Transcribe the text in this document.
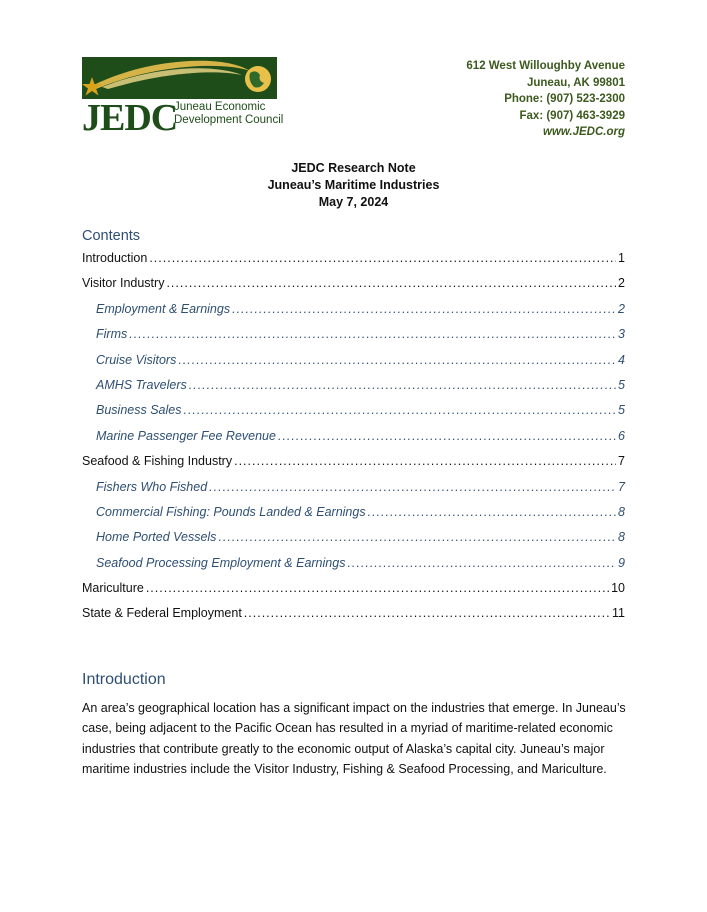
JEDC
Juneau Economic
Development Council
612 West Willoughby Avenue
Juneau, AK 99801
Phone: (907) 523-2300
Fax: (907) 463-3929
www.JEDC.org
JEDC Research Note
Juneau’s Maritime Industries
May 7, 2024
Contents
Introduction .....	1
Visitor Industry .....	2
Employment & Earnings .....	2
Firms .....	3
Cruise Visitors .....	4
AMHS Travelers .....	5
Business Sales .....	5
Marine Passenger Fee Revenue .....	6
Seafood & Fishing Industry .....	7
Fishers Who Fished .....	7
Commercial Fishing: Pounds Landed & Earnings .....	8
Home Ported Vessels .....	8
Seafood Processing Employment & Earnings .....	9
Mariculture .....	10
State & Federal Employment .....	11
Introduction
An area’s geographical location has a significant impact on the industries that emerge. In Juneau’s case, being adjacent to the Pacific Ocean has resulted in a myriad of maritime-related economic industries that contribute greatly to the economic output of Alaska’s capital city. Juneau’s major maritime industries include the Visitor Industry, Fishing & Seafood Processing, and Mariculture.
